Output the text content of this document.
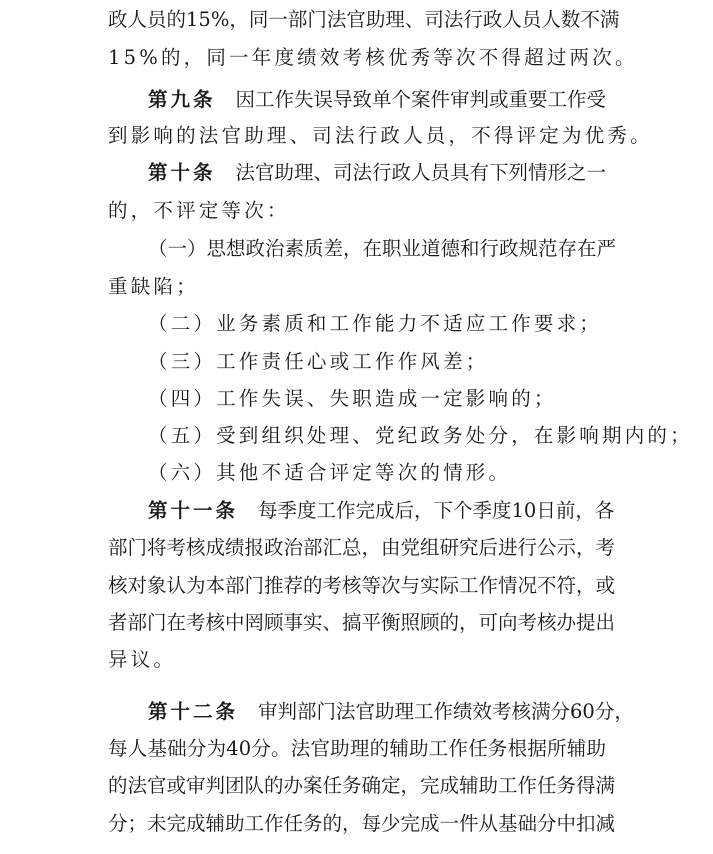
政人员的15%，同一部门法官助理、司法行政人员人数不满
15%的，同一年度绩效考核优秀等次不得超过两次。
第九条 因工作失误导致单个案件审判或重要工作受
到影响的法官助理、司法行政人员，不得评定为优秀。
第十条 法官助理、司法行政人员具有下列情形之一
的，不评定等次：
（一）思想政治素质差，在职业道德和行政规范存在严
重缺陷；
（二）业务素质和工作能力不适应工作要求；
（三）工作责任心或工作作风差；
（四）工作失误、失职造成一定影响的；
（五）受到组织处理、党纪政务处分，在影响期内的；
（六）其他不适合评定等次的情形。
第十一条 每季度工作完成后，下个季度10日前，各
部门将考核成绩报政治部汇总，由党组研究后进行公示，考
核对象认为本部门推荐的考核等次与实际工作情况不符，或
者部门在考核中罔顾事实、搞平衡照顾的，可向考核办提出
异议。
第十二条 审判部门法官助理工作绩效考核满分60分，
每人基础分为40分。法官助理的辅助工作任务根据所辅助
的法官或审判团队的办案任务确定，完成辅助工作任务得满
分；未完成辅助工作任务的，每少完成一件从基础分中扣减
